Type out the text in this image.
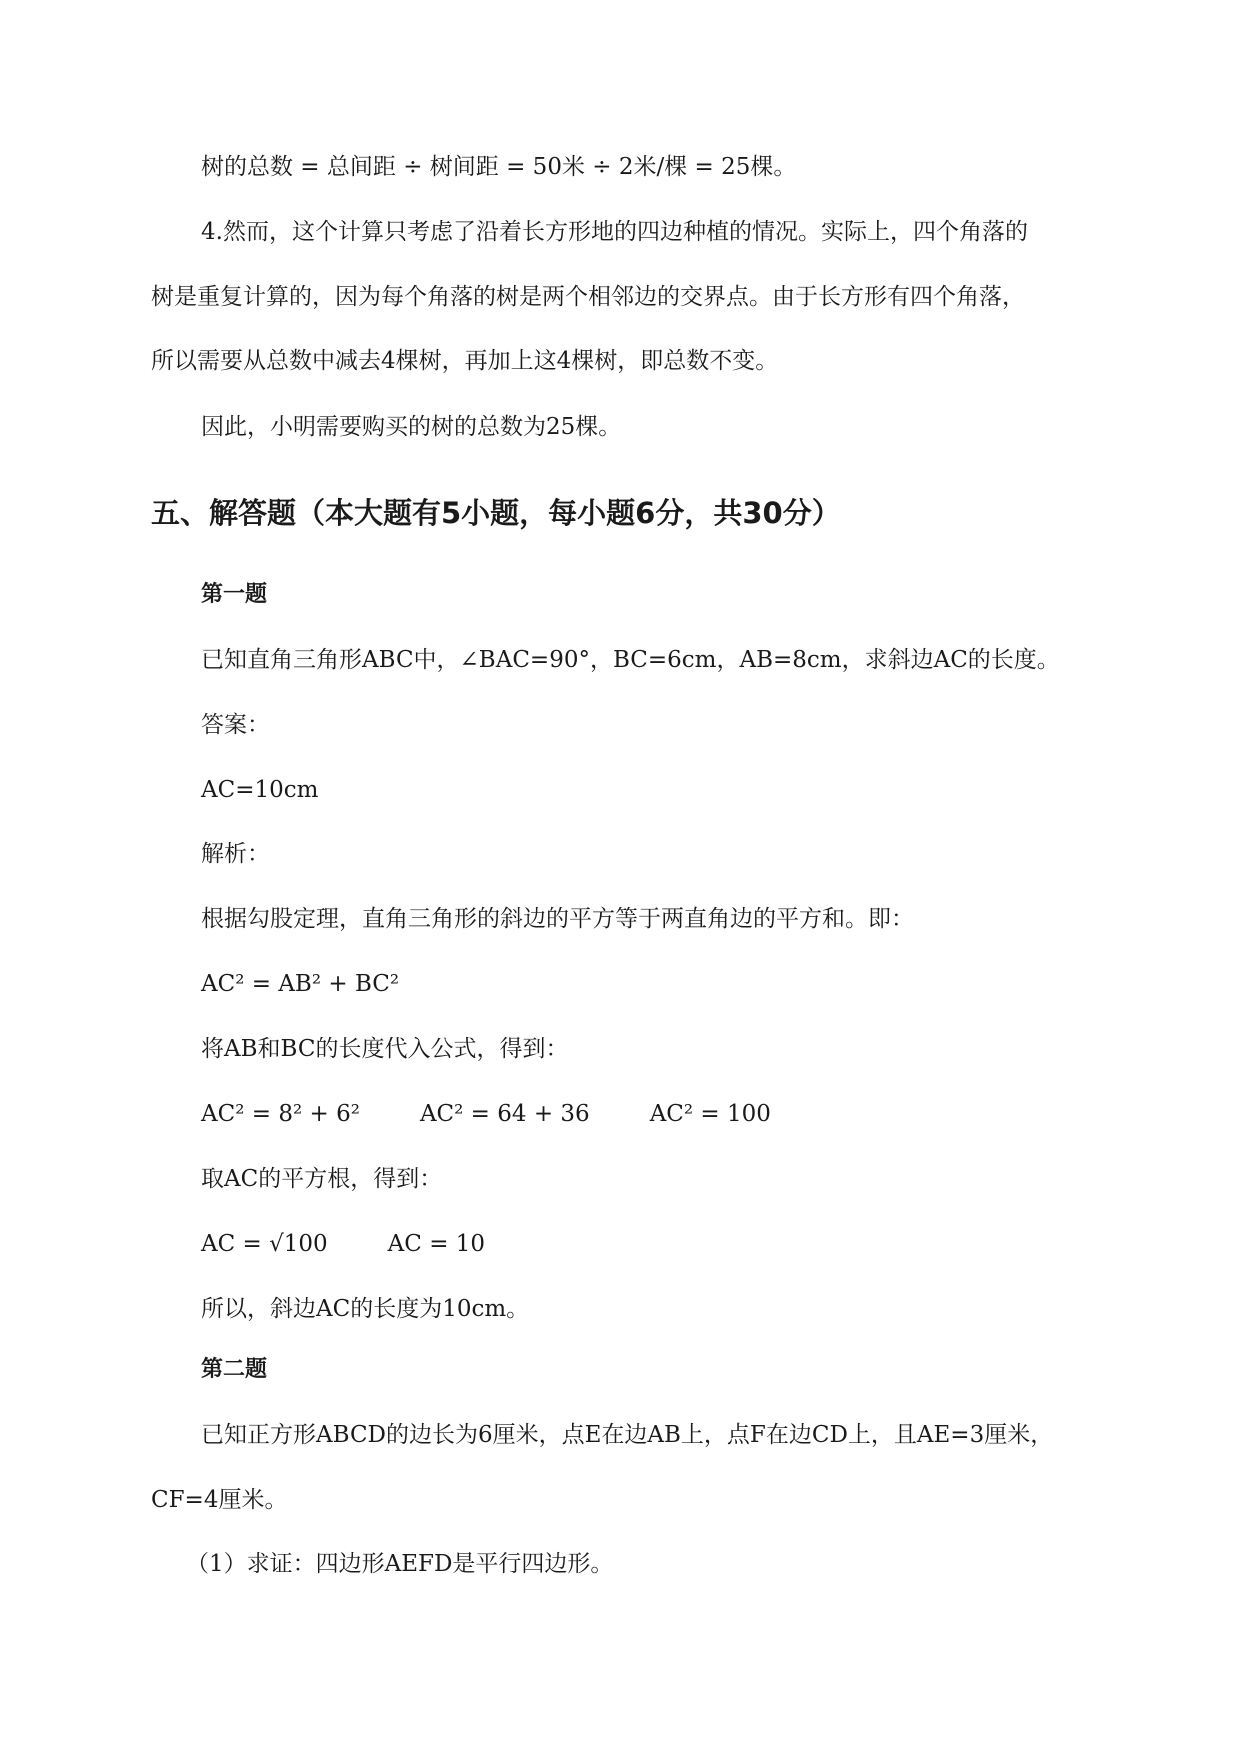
树的总数 = 总间距 ÷ 树间距 = 50米 ÷ 2米/棵 = 25棵。
4.然而，这个计算只考虑了沿着长方形地的四边种植的情况。实际上，四个角落的
树是重复计算的，因为每个角落的树是两个相邻边的交界点。由于长方形有四个角落，
所以需要从总数中减去4棵树，再加上这4棵树，即总数不变。
因此，小明需要购买的树的总数为25棵。
五、解答题（本大题有5小题，每小题6分，共30分）
第一题
已知直角三角形ABC中，∠BAC=90°，BC=6cm，AB=8cm，求斜边AC的长度。
答案：
AC=10cm
解析：
根据勾股定理，直角三角形的斜边的平方等于两直角边的平方和。即：
AC² = AB² + BC²
将AB和BC的长度代入公式，得到：
AC² = 8² + 6²	AC² = 64 + 36	AC² = 100
取AC的平方根，得到：
AC = √100	AC = 10
所以，斜边AC的长度为10cm。
第二题
已知正方形ABCD的边长为6厘米，点E在边AB上，点F在边CD上，且AE=3厘米，
CF=4厘米。
（1）求证：四边形AEFD是平行四边形。
